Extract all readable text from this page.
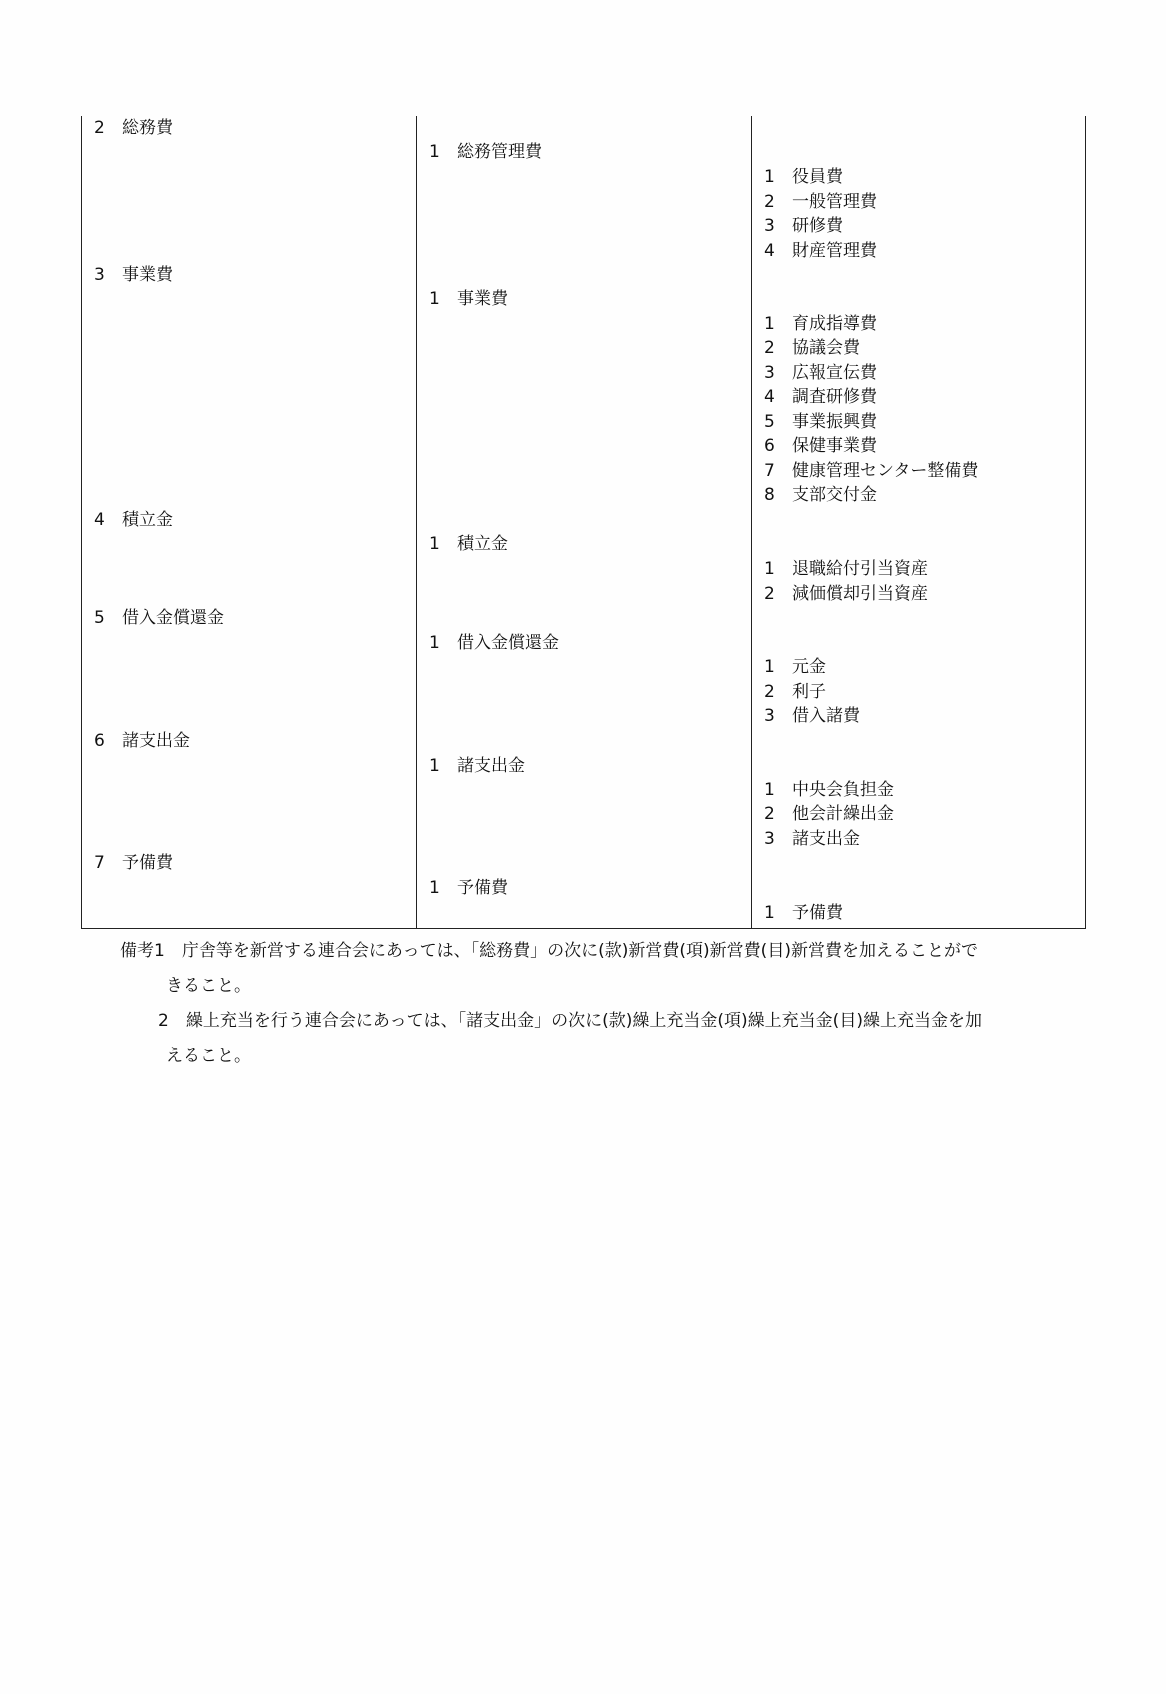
2 総務費
3 事業費
4 積立金
5 借入金償還金
6 諸支出金
7 予備費
1 総務管理費
1 事業費
1 積立金
1 借入金償還金
1 諸支出金
1 予備費
1 役員費
2 一般管理費
3 研修費
4 財産管理費
1 育成指導費
2 協議会費
3 広報宣伝費
4 調査研修費
5 事業振興費
6 保健事業費
7 健康管理センター整備費
8 支部交付金
1 退職給付引当資産
2 減価償却引当資産
1 元金
2 利子
3 借入諸費
1 中央会負担金
2 他会計繰出金
3 諸支出金
1 予備費
備考1　 庁舎等を新営する連合会にあっては、「総務費」の次に(款)新営費(項)新営費(目)新営費を加えることがで
きること。
2　 繰上充当を行う連合会にあっては、「諸支出金」の次に(款)繰上充当金(項)繰上充当金(目)繰上充当金を加
えること。
